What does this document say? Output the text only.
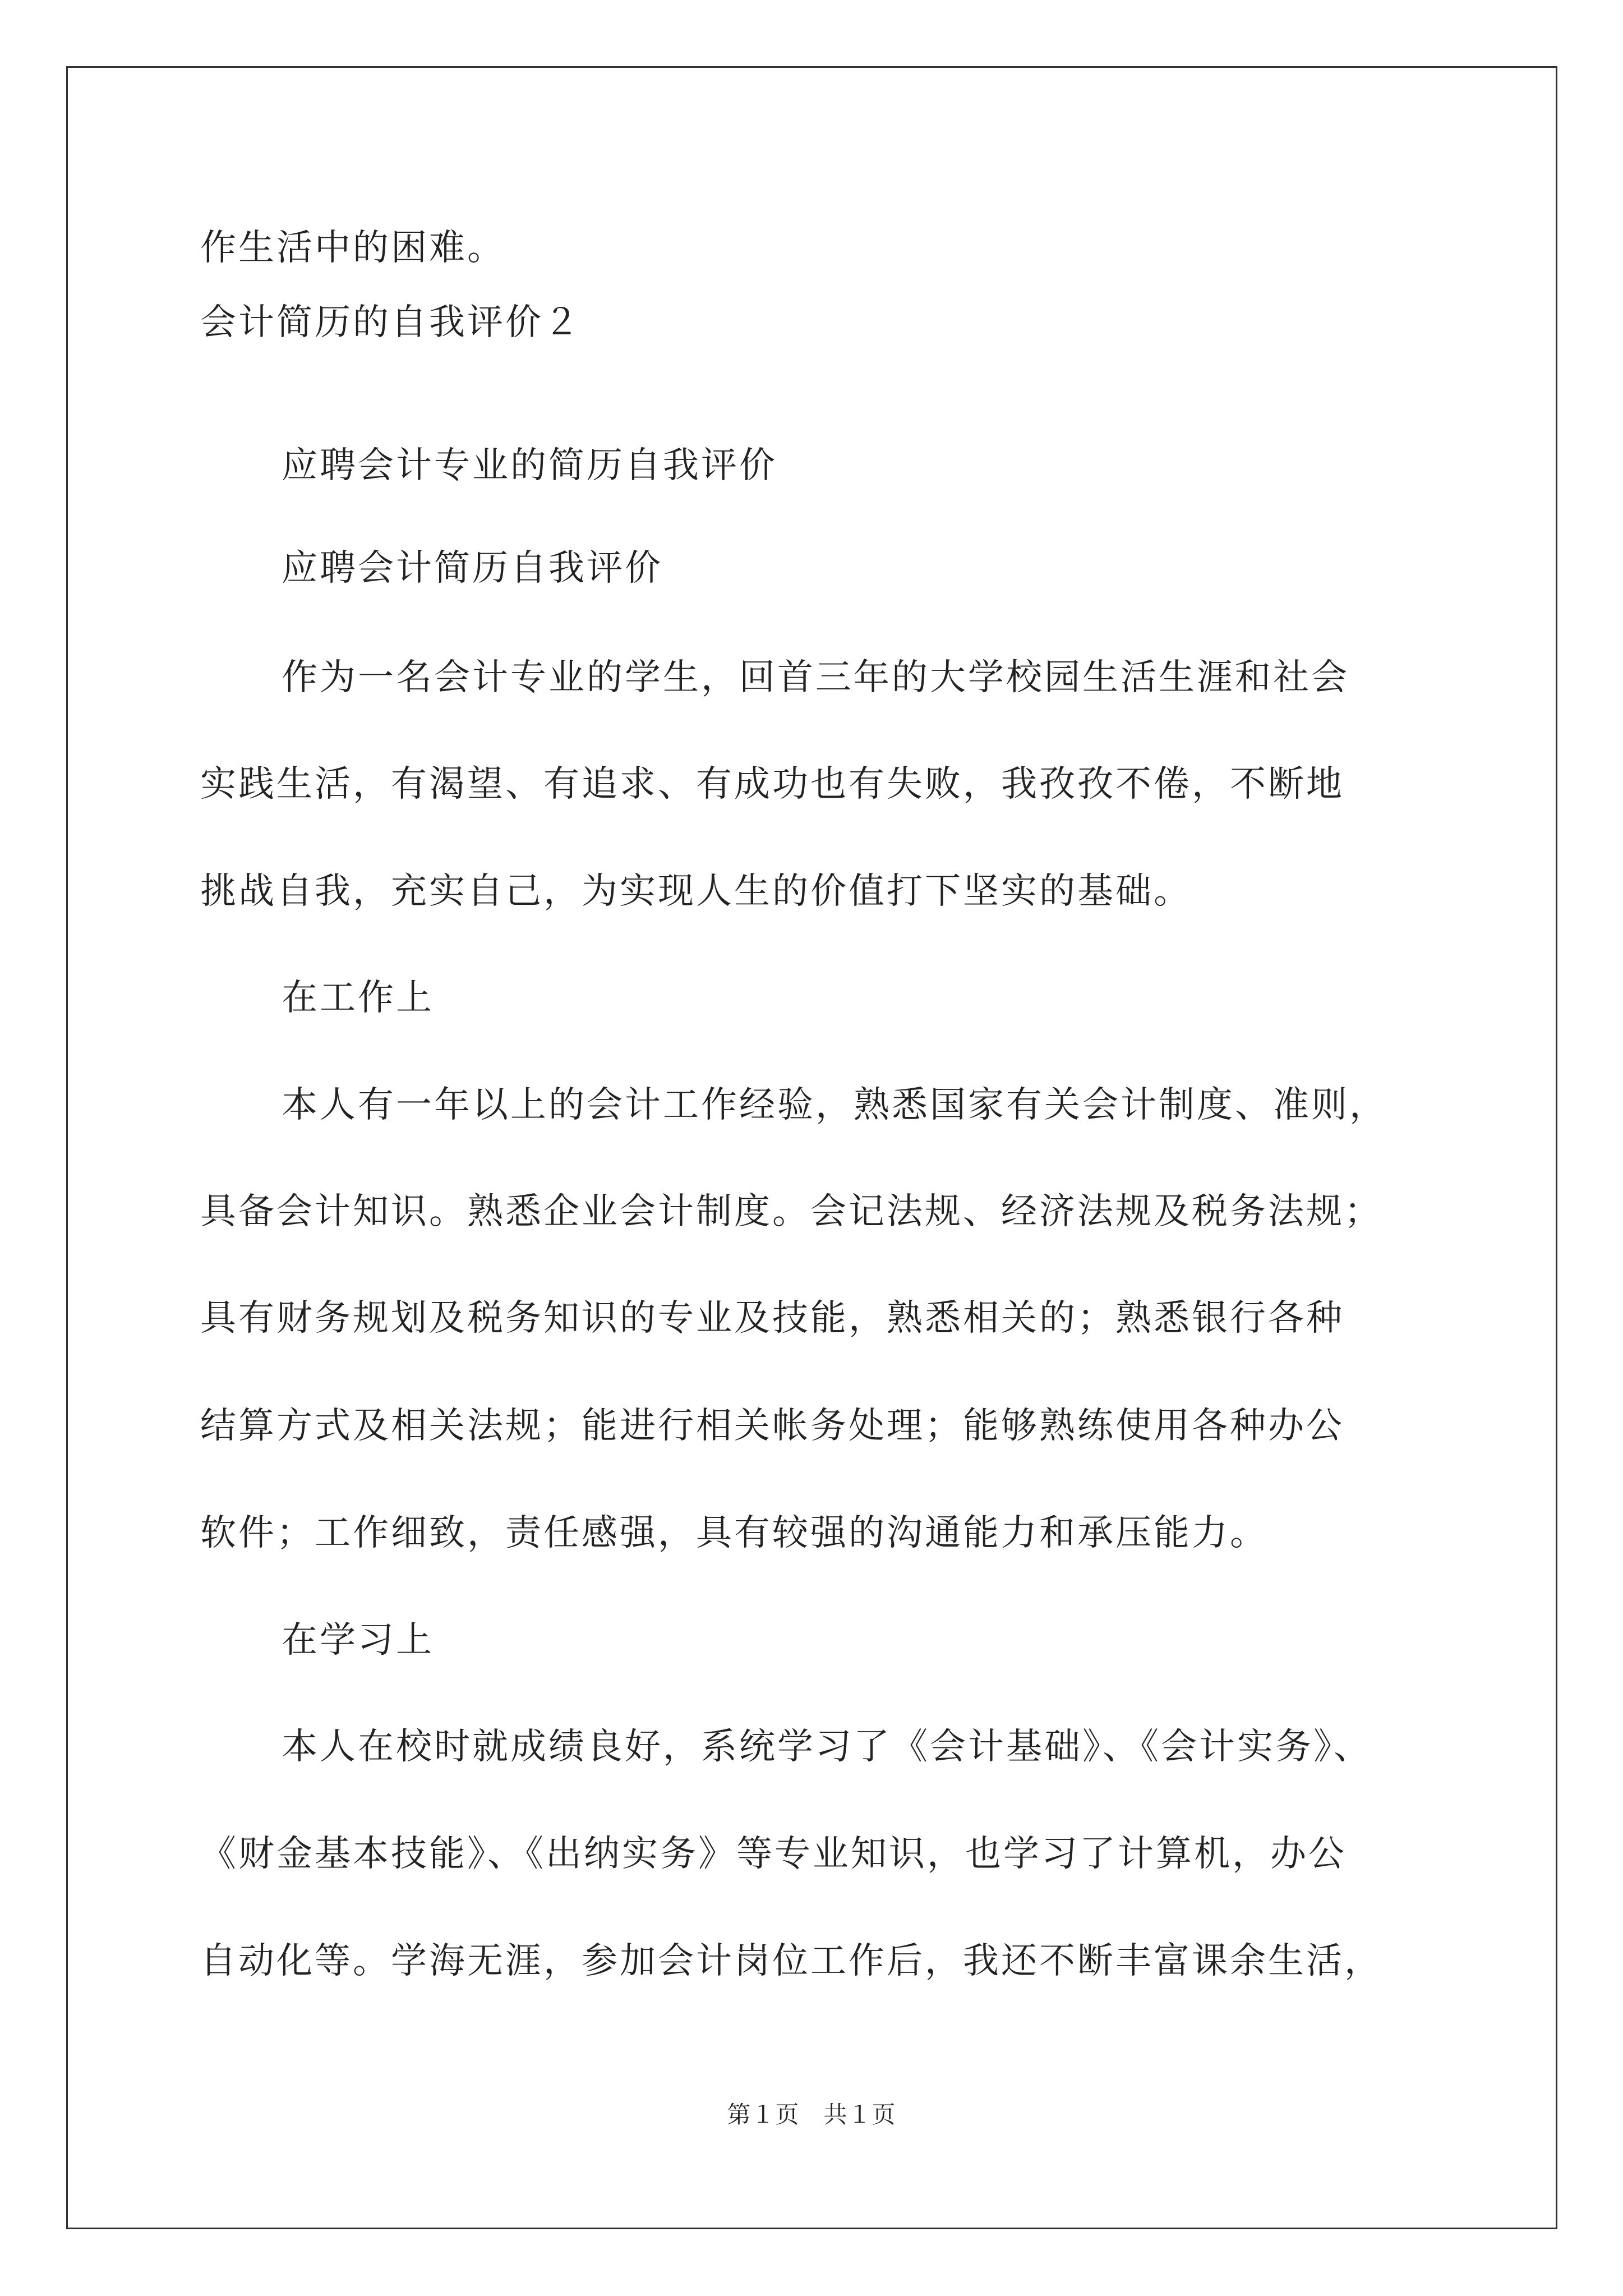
作生活中的困难。
会计简历的自我评价２
应聘会计专业的简历自我评价
应聘会计简历自我评价
作为一名会计专业的学生，回首三年的大学校园生活生涯和社会
实践生活，有渴望、有追求、有成功也有失败，我孜孜不倦，不断地
挑战自我，充实自己，为实现人生的价值打下坚实的基础。
在工作上
本人有一年以上的会计工作经验，熟悉国家有关会计制度、准则，
具备会计知识。熟悉企业会计制度。会记法规、经济法规及税务法规；
具有财务规划及税务知识的专业及技能，熟悉相关的；熟悉银行各种
结算方式及相关法规；能进行相关帐务处理；能够熟练使用各种办公
软件；工作细致，责任感强，具有较强的沟通能力和承压能力。
在学习上
本人在校时就成绩良好，系统学习了《会计基础》、《会计实务》、
《财金基本技能》、《出纳实务》等专业知识，也学习了计算机，办公
自动化等。学海无涯，参加会计岗位工作后，我还不断丰富课余生活，
第１页　共１页
